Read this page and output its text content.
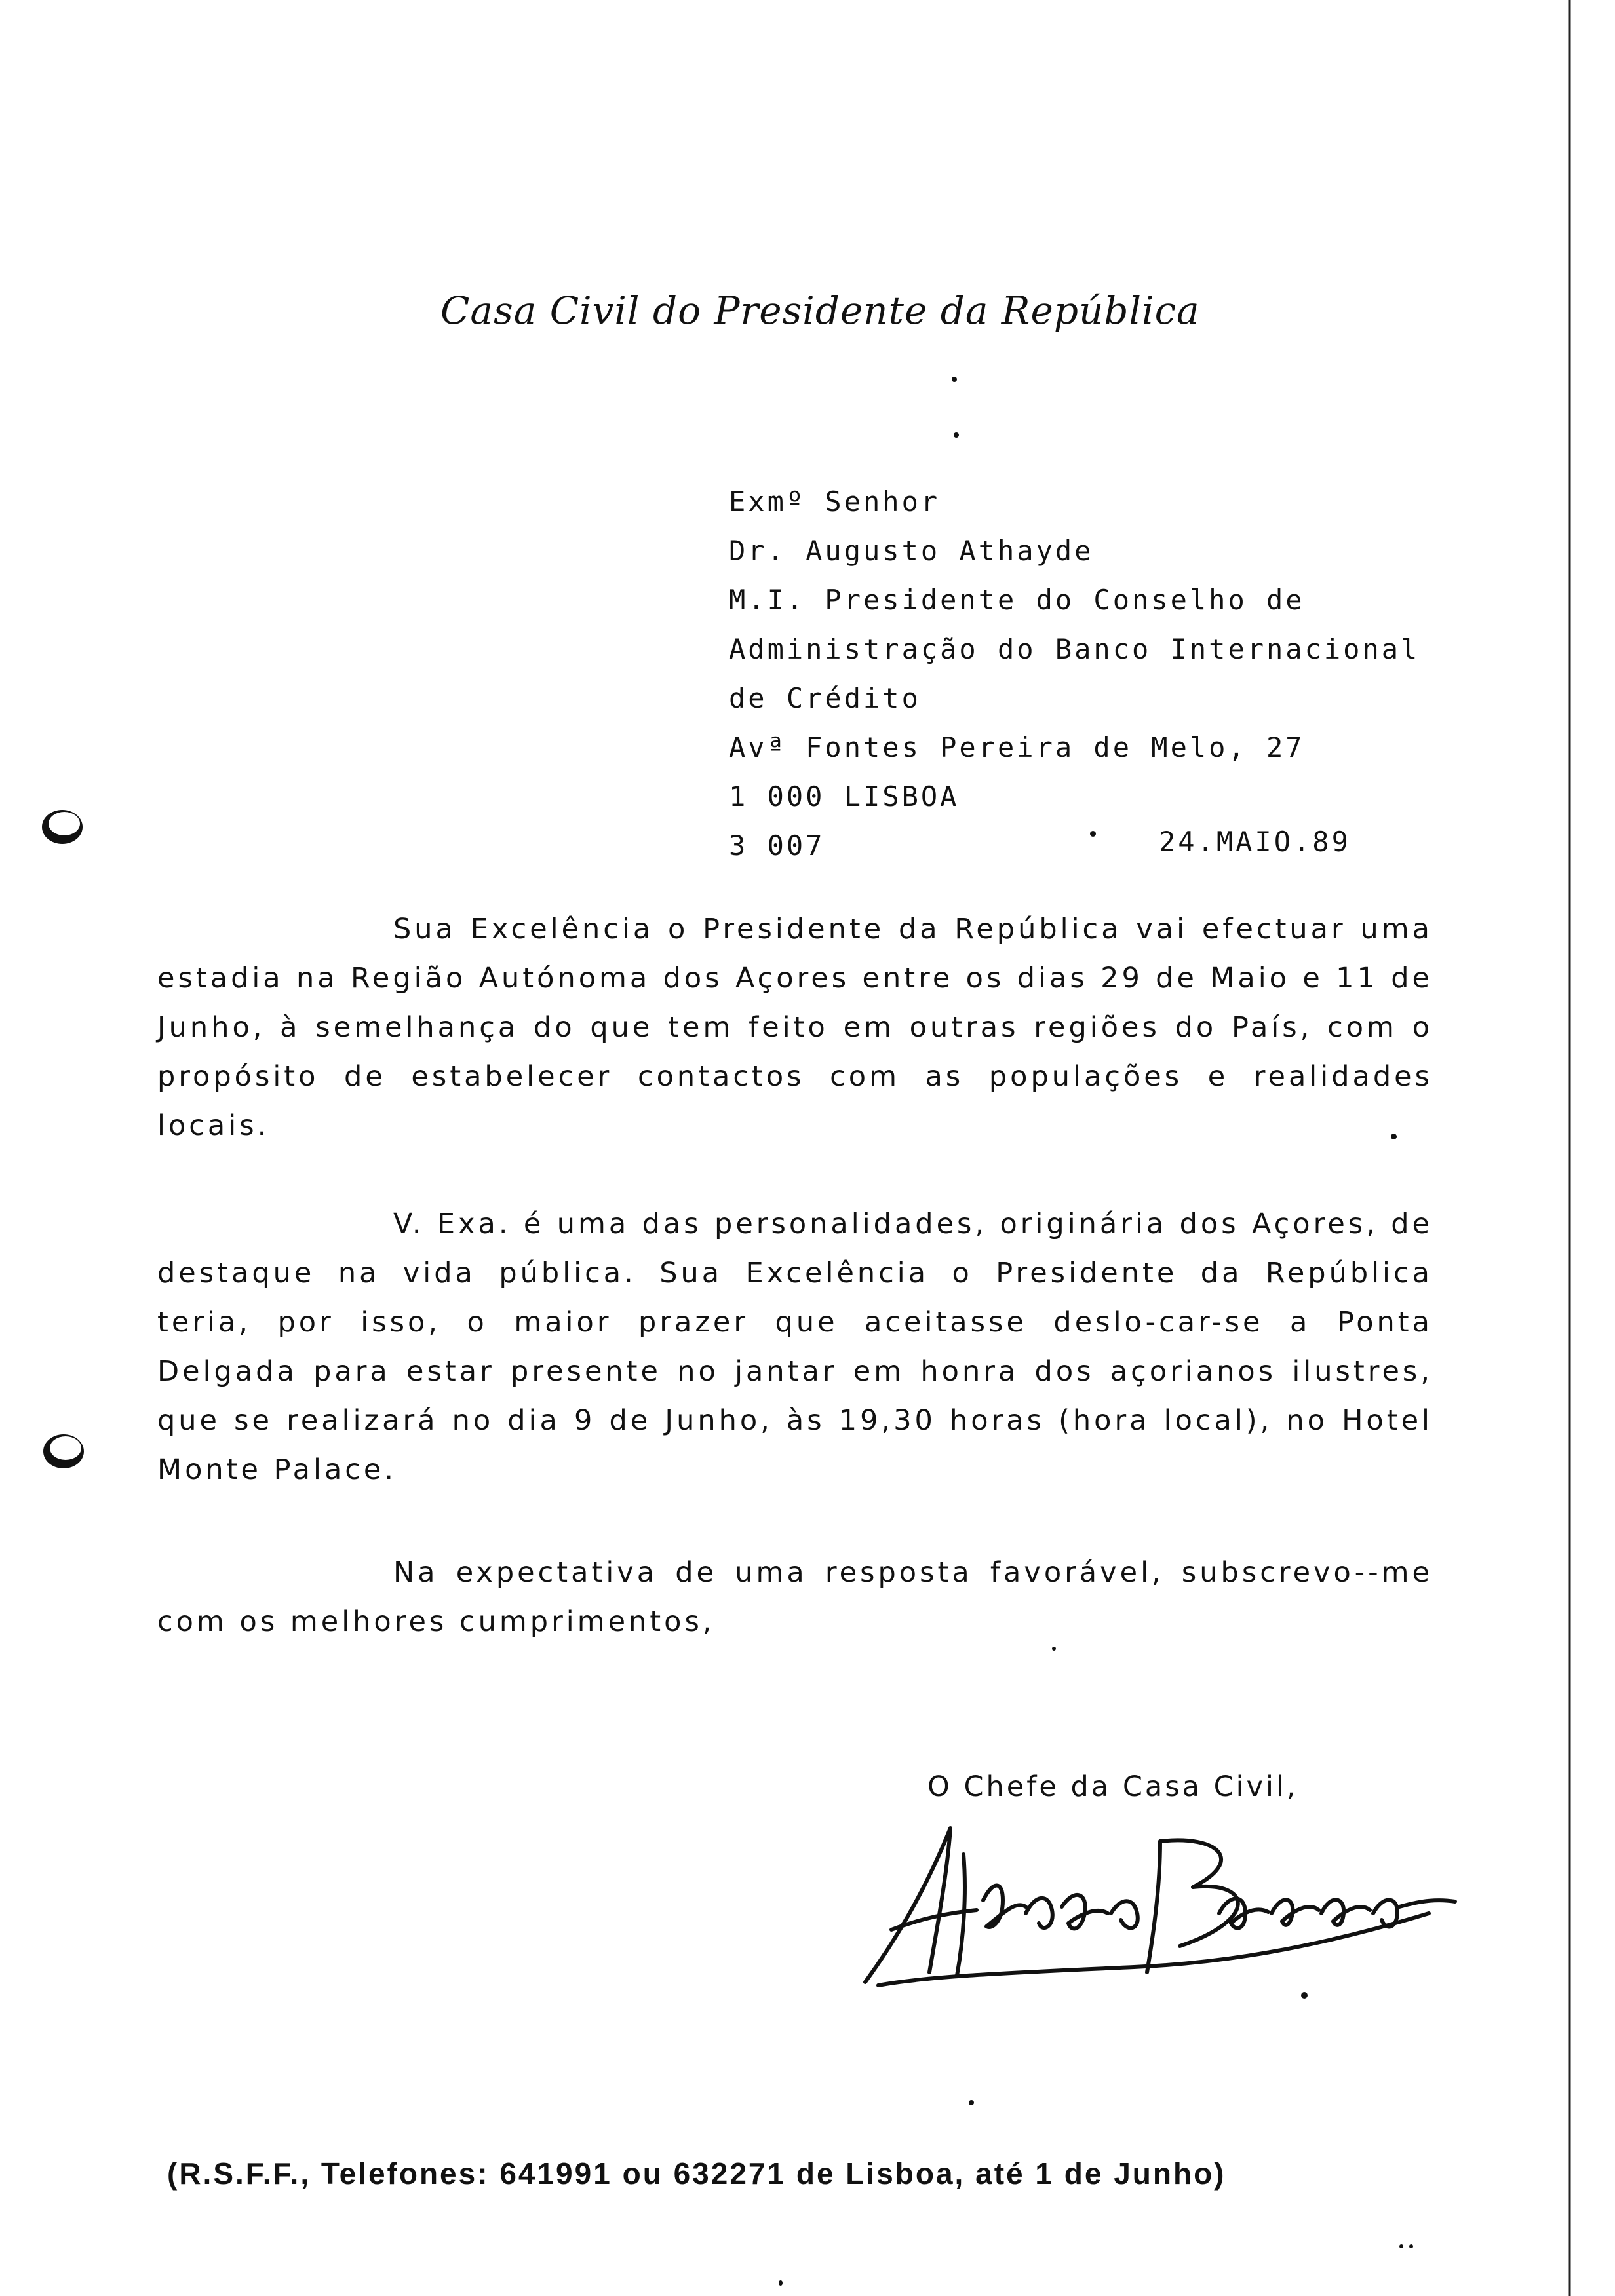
Casa Civil do Presidente da República
Exmº Senhor
Dr. Augusto Athayde
M.I. Presidente do Conselho de
Administração do Banco Internacional
de Crédito
Avª Fontes Pereira de Melo, 27
1 000 LISBOA
3 007	24.MAIO.89

Sua Excelência o Presidente da República vai efectuar uma estadia na Região Autónoma dos Açores entre os dias 29 de Maio e 11 de Junho, à semelhança do que tem feito em outras regiões do País, com o propósito de estabelecer contactos com as populações e realidades locais.

V. Exa. é uma das personalidades, originária dos Açores, de destaque na vida pública. Sua Excelência o Presidente da República teria, por isso, o maior prazer que aceitasse deslo-car-se a Ponta Delgada para estar presente no jantar em honra dos açorianos ilustres, que se realizará no dia 9 de Junho, às 19,30 horas (hora local), no Hotel Monte Palace.

Na expectativa de uma resposta favorável, subscrevo--me com os melhores cumprimentos,

O Chefe da Casa Civil,
(R.S.F.F., Telefones: 641991 ou 632271 de Lisboa, até 1 de Junho)
